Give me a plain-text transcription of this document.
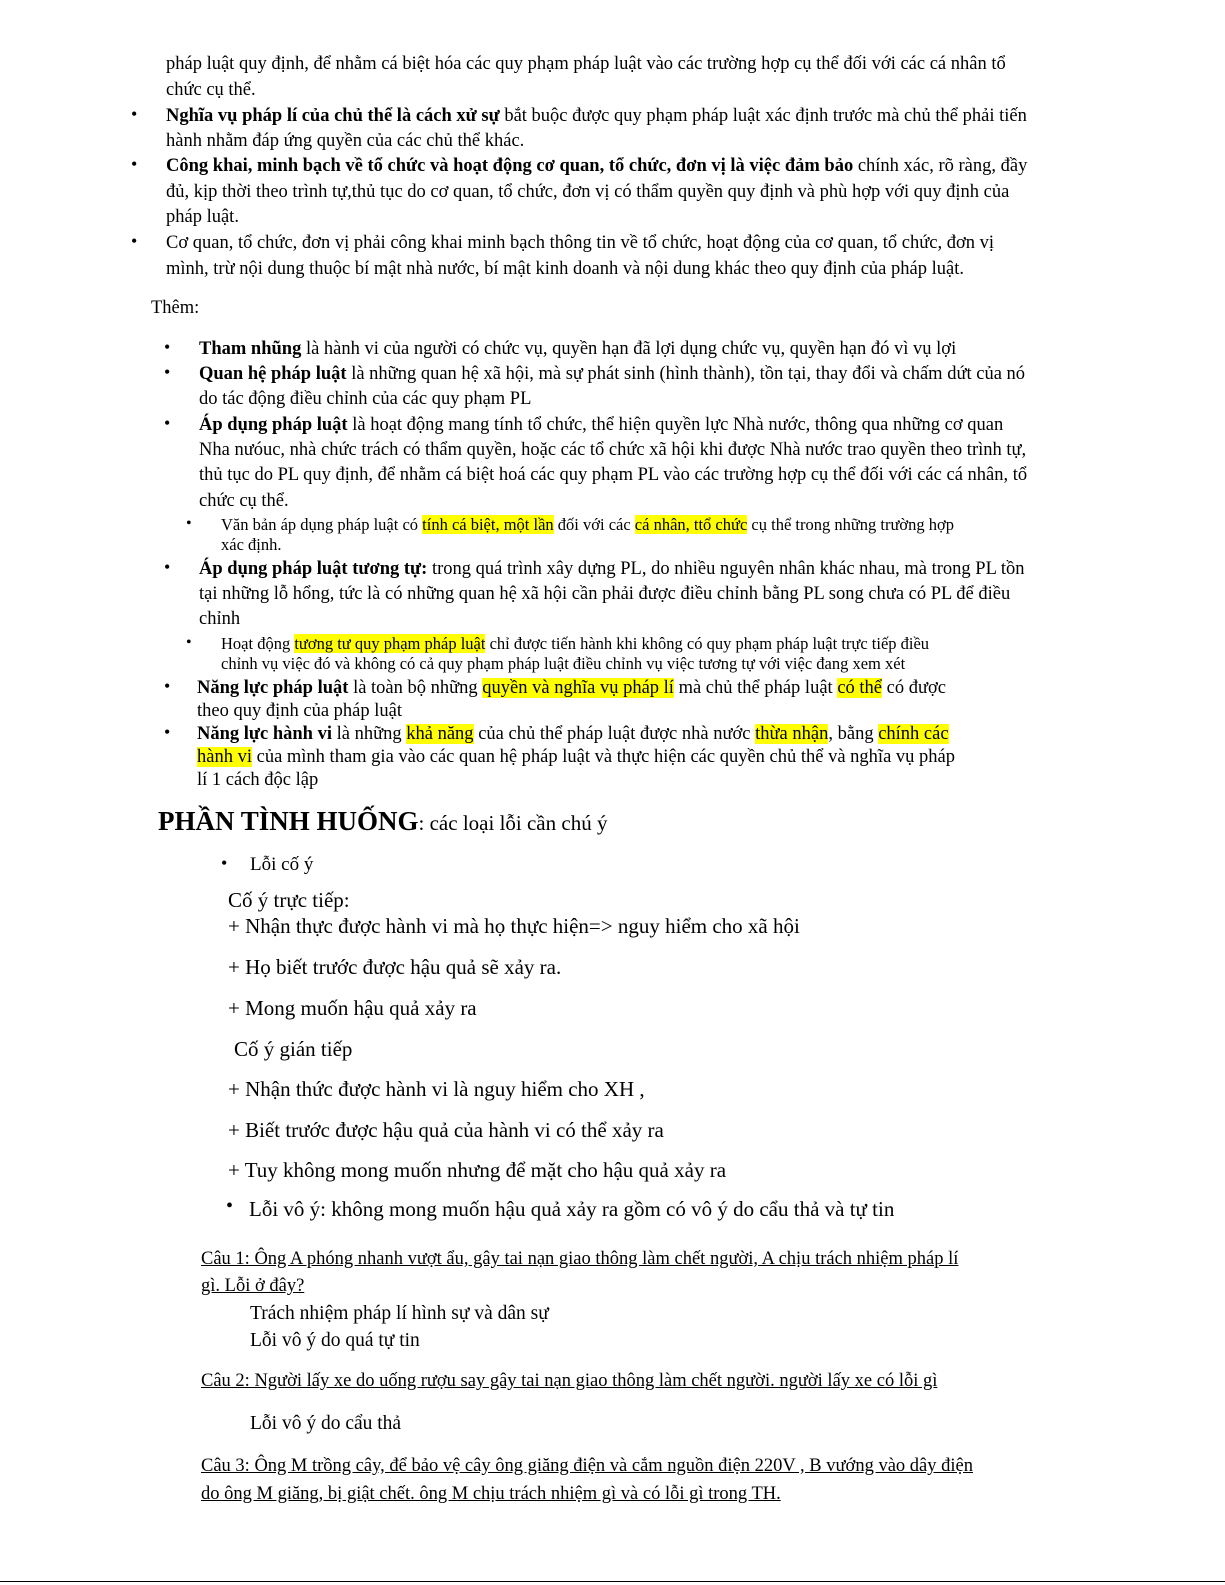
pháp luật quy định, để nhằm cá biệt hóa các quy phạm pháp luật vào các trường hợp cụ thể đối với các cá nhân tổ

chức cụ thể.

• Nghĩa vụ pháp lí của chủ thể là cách xử sự bắt buộc được quy phạm pháp luật xác định trước mà chủ thể phải tiến

hành nhằm đáp ứng quyền của các chủ thể khác.

• Công khai, minh bạch về tổ chức và hoạt động cơ quan, tổ chức, đơn vị là việc đảm bảo chính xác, rõ ràng, đầy

đủ, kịp thời theo trình tự,thủ tục do cơ quan, tổ chức, đơn vị có thẩm quyền quy định và phù hợp với quy định của

pháp luật.

• Cơ quan, tổ chức, đơn vị phải công khai minh bạch thông tin về tổ chức, hoạt động của cơ quan, tổ chức, đơn vị

mình, trừ nội dung thuộc bí mật nhà nước, bí mật kinh doanh và nội dung khác theo quy định của pháp luật.

Thêm:

• Tham nhũng là hành vi của người có chức vụ, quyền hạn đã lợi dụng chức vụ, quyền hạn đó vì vụ lợi

• Quan hệ pháp luật là những quan hệ xã hội, mà sự phát sinh (hình thành), tồn tại, thay đổi và chấm dứt của nó

do tác động điều chỉnh của các quy phạm PL

• Áp dụng pháp luật là hoạt động mang tính tổ chức, thể hiện quyền lực Nhà nước, thông qua những cơ quan

Nha nưóuc, nhà chức trách có thẩm quyền, hoặc các tổ chức xã hội khi được Nhà nước trao quyền theo trình tự,

thủ tục do PL quy định, để nhằm cá biệt hoá các quy phạm PL vào các trường hợp cụ thể đối với các cá nhân, tổ

chức cụ thể.

• Văn bản áp dụng pháp luật có tính cá biệt, một lần đối với các cá nhân, ttổ chức cụ thể trong những trường hợp

xác định.

• Áp dụng pháp luật tương tự: trong quá trình xây dựng PL, do nhiều nguyên nhân khác nhau, mà trong PL tồn

tại những lỗ hổng, tức là có những quan hệ xã hội cần phải được điều chỉnh bằng PL song chưa có PL để điều

chỉnh

• Hoạt động tương tư quy phạm pháp luật chỉ được tiến hành khi không có quy phạm pháp luật trực tiếp điều

chỉnh vụ việc đó và không có cả quy phạm pháp luật điều chỉnh vụ việc tương tự với việc đang xem xét

• Năng lực pháp luật là toàn bộ những quyền và nghĩa vụ pháp lí mà chủ thể pháp luật có thể có được

theo quy định của pháp luật

• Năng lực hành vi là những khả năng của chủ thể pháp luật được nhà nước thừa nhận, bằng chính các

hành vi của mình tham gia vào các quan hệ pháp luật và thực hiện các quyền chủ thể và nghĩa vụ pháp

lí 1 cách độc lập

PHẦN TÌNH HUỐNG: các loại lỗi cần chú ý

• Lỗi cố ý

Cố ý trực tiếp:

+ Nhận thực được hành vi mà họ thực hiện=> nguy hiểm cho xã hội

+ Họ biết trước được hậu quả sẽ xảy ra.

+ Mong muốn hậu quả xảy ra

Cố ý gián tiếp

+ Nhận thức được hành vi là nguy hiểm cho XH ,

+ Biết trước được hậu quả của hành vi có thể xảy ra

+ Tuy không mong muốn nhưng để mặt cho hậu quả xảy ra

• Lỗi vô ý: không mong muốn hậu quả xảy ra gồm có vô ý do cẩu thả và tự tin

Câu 1: Ông A phóng nhanh vượt ẩu, gây tai nạn giao thông làm chết người, A chịu trách nhiệm pháp lí

gì. Lỗi ở đây?

Trách nhiệm pháp lí hình sự và dân sự

Lỗi vô ý do quá tự tin

Câu 2: Người lấy xe do uống rượu say gây tai nạn giao thông làm chết người. người lấy xe có lỗi gì

Lỗi vô ý do cẩu thả

Câu 3: Ông M trồng cây, để bảo vệ cây ông giăng điện và cắm nguồn điện 220V , B vướng vào dây điện

do ông M giăng, bị giật chết. ông M chịu trách nhiệm gì và có lỗi gì trong TH.
